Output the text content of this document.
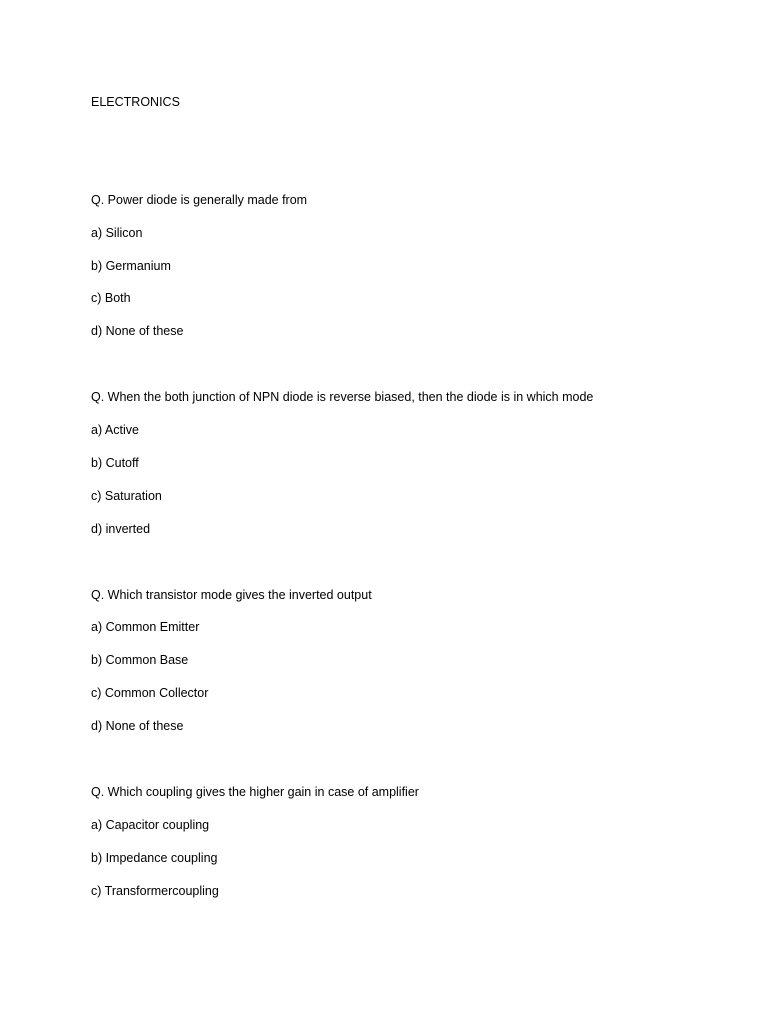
ELECTRONICS
Q. Power diode is generally made from
a) Silicon
b) Germanium
c) Both
d) None of these
Q. When the both junction of NPN diode is reverse biased, then the diode is in which mode
a) Active
b) Cutoff
c) Saturation
d) inverted
Q. Which transistor mode gives the inverted output
a) Common Emitter
b) Common Base
c) Common Collector
d) None of these
Q. Which coupling gives the higher gain in case of amplifier
a) Capacitor coupling
b) Impedance coupling
c) Transformercoupling
